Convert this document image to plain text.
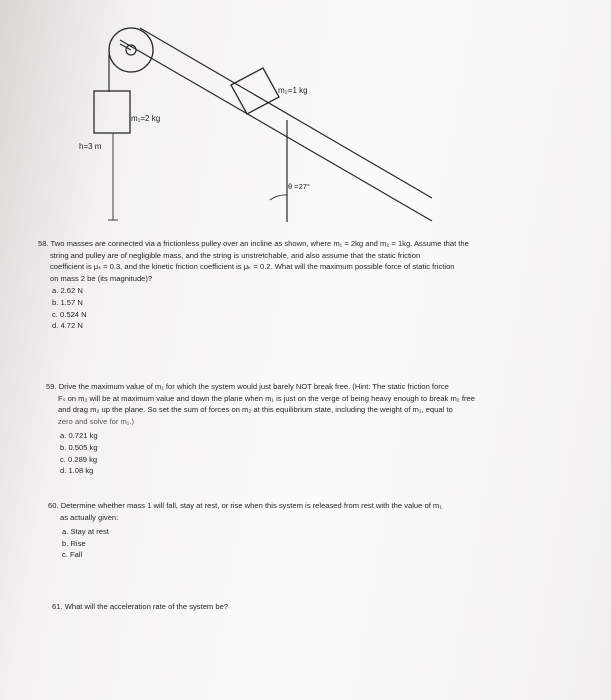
m₁=2 kg
m₂=1 kg
h=3 m
θ =27°

58. Two masses are connected via a frictionless pulley over an incline as shown, where m₁ = 2kg and m₂ = 1kg. Assume that the

string and pulley are of negligible mass, and the string is unstretchable, and also assume that the static friction

coefficient is μₛ = 0.3, and the kinetic friction coefficient is μₖ = 0.2. What will the maximum possible force of static friction

on mass 2 be (its magnitude)?

a. 2.62 N

b. 1.57 N

c. 0.524 N

d. 4.72 N

59. Drive the maximum value of m₁ for which the system would just barely NOT break free. (Hint: The static friction force

Fₛ on m₂ will be at maximum value and down the plane when m₁ is just on the verge of being heavy enough to break m₂ free

and drag m₂ up the plane. So set the sum of forces on m₂ at this equilibrium state, including the weight of m₁, equal to

zero and solve for m₁.)

a. 0.721 kg

b. 0.505 kg

c. 0.289 kg

d. 1.08 kg

60. Determine whether mass 1 will fall, stay at rest, or rise when this system is released from rest with the value of m₁

as actually given:

a. Stay at rest

b. Rise

c. Fall

61. What will the acceleration rate of the system be?
